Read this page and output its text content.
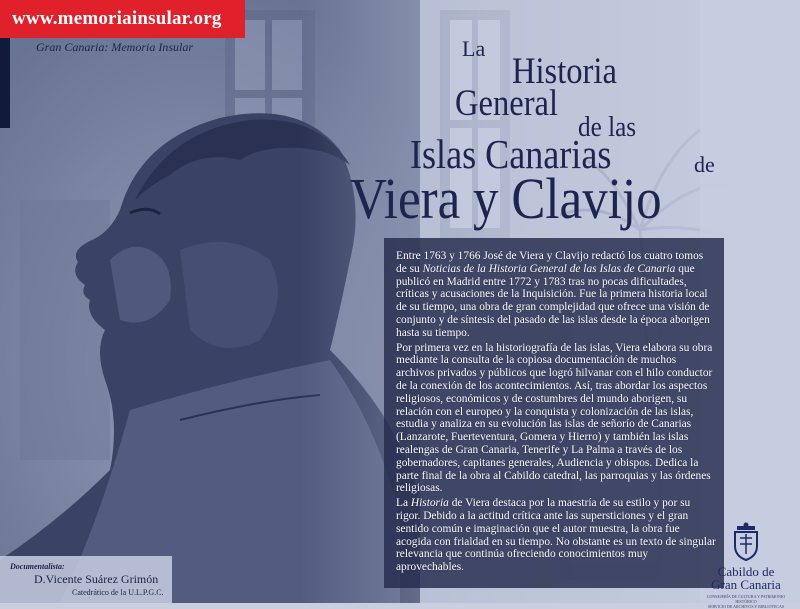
www.memoriainsular.org
Gran Canaria: Memoria Insular	La
Historia
General
de las
Islas Canarias	de
Viera y Clavijo

Entre 1763 y 1766 José de Viera y Clavijo redactó los cuatro tomos de su Noticias de la Historia General de las Islas de Canaria que publicó en Madrid entre 1772 y 1783 tras no pocas dificultades, críticas y acusaciones de la Inquisición. Fue la primera historia local de su tiempo, una obra de gran complejidad que ofrece una visión de conjunto y de síntesis del pasado de las islas desde la época aborigen hasta su tiempo.

Por primera vez en la historiografía de las islas, Viera elabora su obra mediante la consulta de la copiosa documentación de muchos archivos privados y públicos que logró hilvanar con el hilo conductor de la conexión de los acontecimientos. Así, tras abordar los aspectos religiosos, económicos y de costumbres del mundo aborigen, su relación con el europeo y la conquista y colonización de las islas, estudia y analiza en su evolución las islas de señorío de Canarias (Lanzarote, Fuerteventura, Gomera y Hierro) y también las islas realengas de Gran Canaria, Tenerife y La Palma a través de los gobernadores, capitanes generales, Audiencia y obispos. Dedica la parte final de la obra al Cabildo catedral, las parroquias y las órdenes religiosas.

La Historia de Viera destaca por la maestría de su estilo y por su rigor. Debido a la actitud crítica ante las supersticiones y el gran sentido común e imaginación que el autor muestra, la obra fue acogida con frialdad en su tiempo. No obstante es un texto de singular relevancia que continúa ofreciendo conocimientos muy aprovechables.

Documentalista:
D.Vicente Suárez Grimón
Catedrático de la U.L.P.G.C.
Cabildo de
Gran Canaria
CONSEJERÍA DE CULTURA Y PATRIMONIO HISTÓRICO
SERVICIO DE ARCHIVOS Y BIBLIOTECAS
